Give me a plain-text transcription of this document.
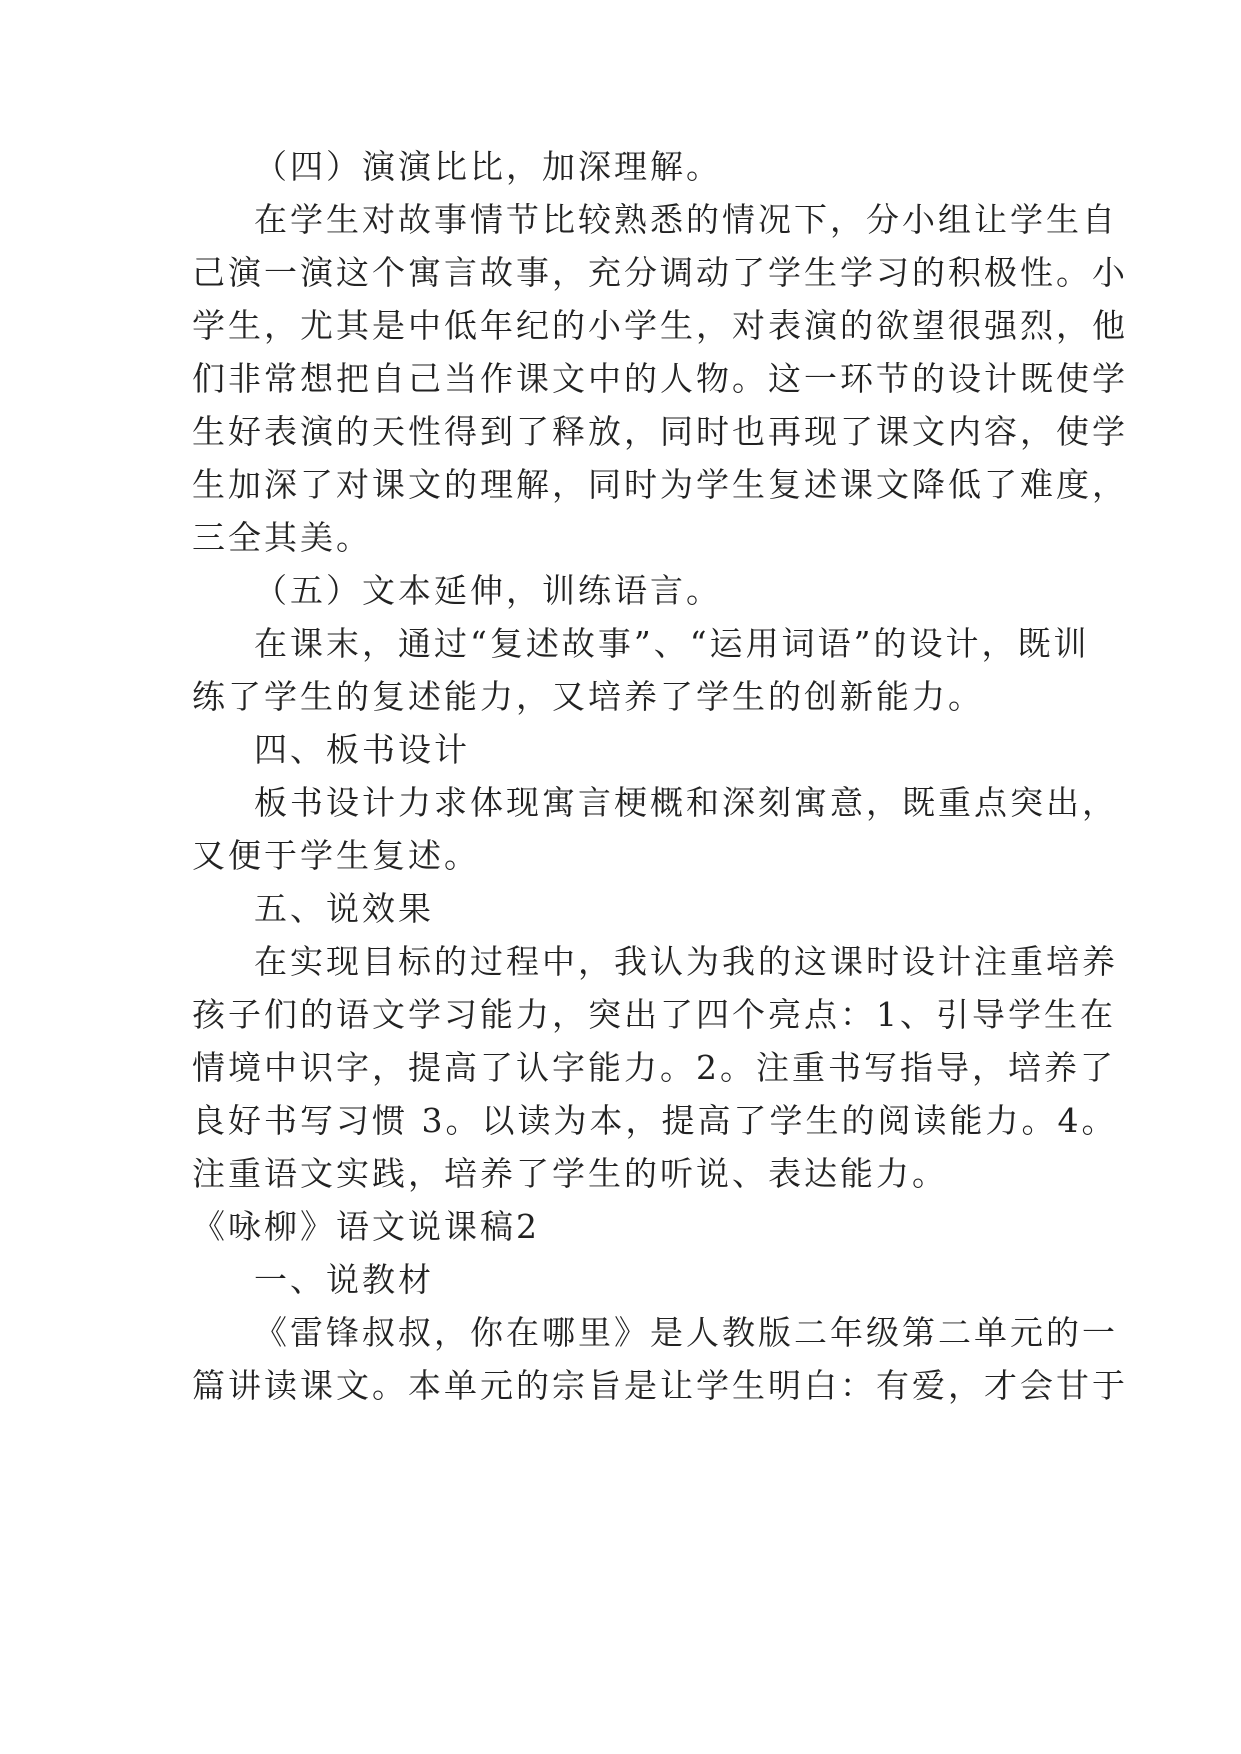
（四）演演比比，加深理解。
在学生对故事情节比较熟悉的情况下，分小组让学生自
己演一演这个寓言故事，充分调动了学生学习的积极性。小
学生，尤其是中低年纪的小学生，对表演的欲望很强烈，他
们非常想把自己当作课文中的人物。这一环节的设计既使学
生好表演的天性得到了释放，同时也再现了课文内容，使学
生加深了对课文的理解，同时为学生复述课文降低了难度，
三全其美。
（五）文本延伸，训练语言。
在课末，通过“复述故事”、“运用词语”的设计，既训
练了学生的复述能力，又培养了学生的创新能力。
四、板书设计
板书设计力求体现寓言梗概和深刻寓意，既重点突出，
又便于学生复述。
五、说效果
在实现目标的过程中，我认为我的这课时设计注重培养
孩子们的语文学习能力，突出了四个亮点：1、引导学生在
情境中识字，提高了认字能力。2。注重书写指导，培养了
良好书写习惯 3。以读为本，提高了学生的阅读能力。4。
注重语文实践，培养了学生的听说、表达能力。
《咏柳》语文说课稿2
一、说教材
《雷锋叔叔，你在哪里》是人教版二年级第二单元的一
篇讲读课文。本单元的宗旨是让学生明白：有爱，才会甘于
